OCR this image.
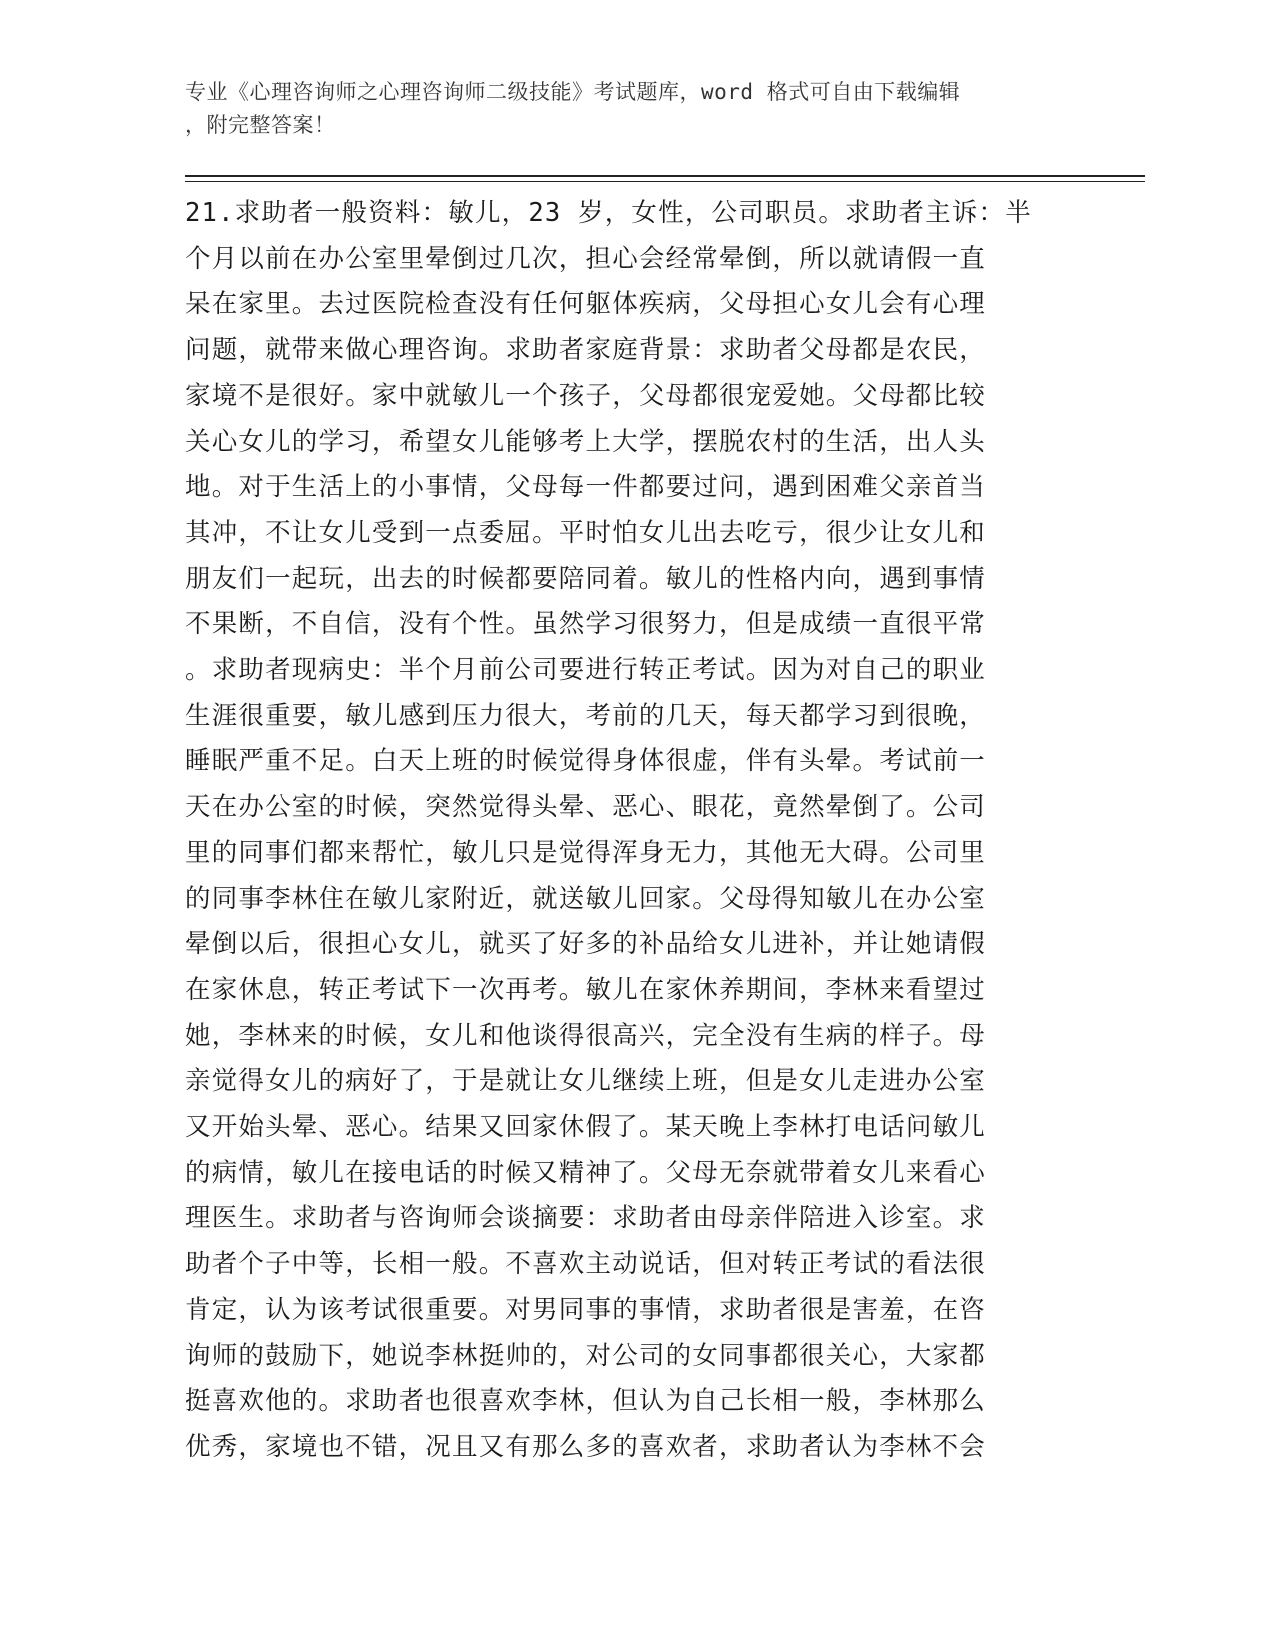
专业《心理咨询师之心理咨询师二级技能》考试题库，word 格式可自由下载编辑
，附完整答案！
21.求助者一般资料：敏儿，23 岁，女性，公司职员。求助者主诉：半
个月以前在办公室里晕倒过几次，担心会经常晕倒，所以就请假一直
呆在家里。去过医院检查没有任何躯体疾病，父母担心女儿会有心理
问题，就带来做心理咨询。求助者家庭背景：求助者父母都是农民，
家境不是很好。家中就敏儿一个孩子，父母都很宠爱她。父母都比较
关心女儿的学习，希望女儿能够考上大学，摆脱农村的生活，出人头
地。对于生活上的小事情，父母每一件都要过问，遇到困难父亲首当
其冲，不让女儿受到一点委屈。平时怕女儿出去吃亏，很少让女儿和
朋友们一起玩，出去的时候都要陪同着。敏儿的性格内向，遇到事情
不果断，不自信，没有个性。虽然学习很努力，但是成绩一直很平常
。求助者现病史：半个月前公司要进行转正考试。因为对自己的职业
生涯很重要，敏儿感到压力很大，考前的几天，每天都学习到很晚，
睡眠严重不足。白天上班的时候觉得身体很虚，伴有头晕。考试前一
天在办公室的时候，突然觉得头晕、恶心、眼花，竟然晕倒了。公司
里的同事们都来帮忙，敏儿只是觉得浑身无力，其他无大碍。公司里
的同事李林住在敏儿家附近，就送敏儿回家。父母得知敏儿在办公室
晕倒以后，很担心女儿，就买了好多的补品给女儿进补，并让她请假
在家休息，转正考试下一次再考。敏儿在家休养期间，李林来看望过
她，李林来的时候，女儿和他谈得很高兴，完全没有生病的样子。母
亲觉得女儿的病好了，于是就让女儿继续上班，但是女儿走进办公室
又开始头晕、恶心。结果又回家休假了。某天晚上李林打电话问敏儿
的病情，敏儿在接电话的时候又精神了。父母无奈就带着女儿来看心
理医生。求助者与咨询师会谈摘要：求助者由母亲伴陪进入诊室。求
助者个子中等，长相一般。不喜欢主动说话，但对转正考试的看法很
肯定，认为该考试很重要。对男同事的事情，求助者很是害羞，在咨
询师的鼓励下，她说李林挺帅的，对公司的女同事都很关心，大家都
挺喜欢他的。求助者也很喜欢李林，但认为自己长相一般，李林那么
优秀，家境也不错，况且又有那么多的喜欢者，求助者认为李林不会
